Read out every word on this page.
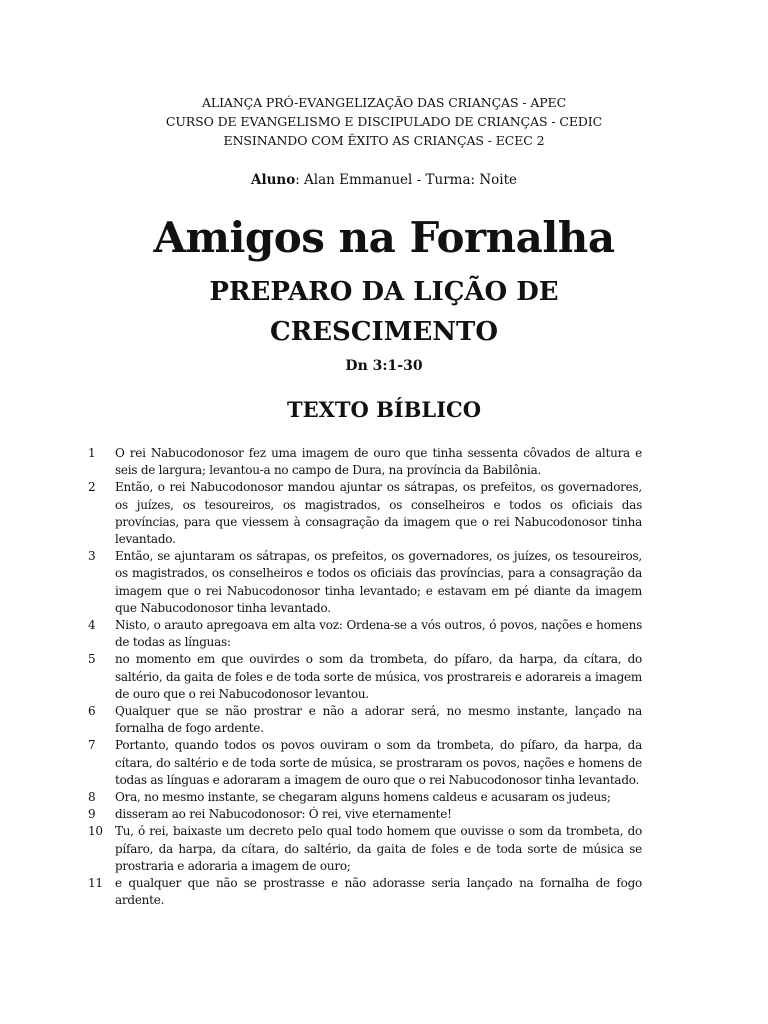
ALIANÇA PRÓ-EVANGELIZAÇÃO DAS CRIANÇAS - APEC
CURSO DE EVANGELISMO E DISCIPULADO DE CRIANÇAS - CEDIC
ENSINANDO COM ÊXITO AS CRIANÇAS - ECEC 2
Aluno: Alan Emmanuel - Turma: Noite
Amigos na Fornalha
PREPARO DA LIÇÃO DE
CRESCIMENTO
Dn 3:1-30
TEXTO BÍBLICO
1 O rei Nabucodonosor fez uma imagem de ouro que tinha sessenta côvados de altura e seis de largura; levantou-a no campo de Dura, na província da Babilônia.
2 Então, o rei Nabucodonosor mandou ajuntar os sátrapas, os prefeitos, os governadores, os juízes, os tesoureiros, os magistrados, os conselheiros e todos os oficiais das províncias, para que viessem à consagração da imagem que o rei Nabucodonosor tinha levantado.
3 Então, se ajuntaram os sátrapas, os prefeitos, os governadores, os juízes, os tesoureiros, os magistrados, os conselheiros e todos os oficiais das províncias, para a consagração da imagem que o rei Nabucodonosor tinha levantado; e estavam em pé diante da imagem que Nabucodonosor tinha levantado.
4 Nisto, o arauto apregoava em alta voz: Ordena-se a vós outros, ó povos, nações e homens de todas as línguas:
5 no momento em que ouvirdes o som da trombeta, do pífaro, da harpa, da cítara, do saltério, da gaita de foles e de toda sorte de música, vos prostrareis e adorareis a imagem de ouro que o rei Nabucodonosor levantou.
6 Qualquer que se não prostrar e não a adorar será, no mesmo instante, lançado na fornalha de fogo ardente.
7 Portanto, quando todos os povos ouviram o som da trombeta, do pífaro, da harpa, da cítara, do saltério e de toda sorte de música, se prostraram os povos, nações e homens de todas as línguas e adoraram a imagem de ouro que o rei Nabucodonosor tinha levantado.
8 Ora, no mesmo instante, se chegaram alguns homens caldeus e acusaram os judeus;
9 disseram ao rei Nabucodonosor: Ó rei, vive eternamente!
10 Tu, ó rei, baixaste um decreto pelo qual todo homem que ouvisse o som da trombeta, do pífaro, da harpa, da cítara, do saltério, da gaita de foles e de toda sorte de música se prostraria e adoraria a imagem de ouro;
11 e qualquer que não se prostrasse e não adorasse seria lançado na fornalha de fogo ardente.
